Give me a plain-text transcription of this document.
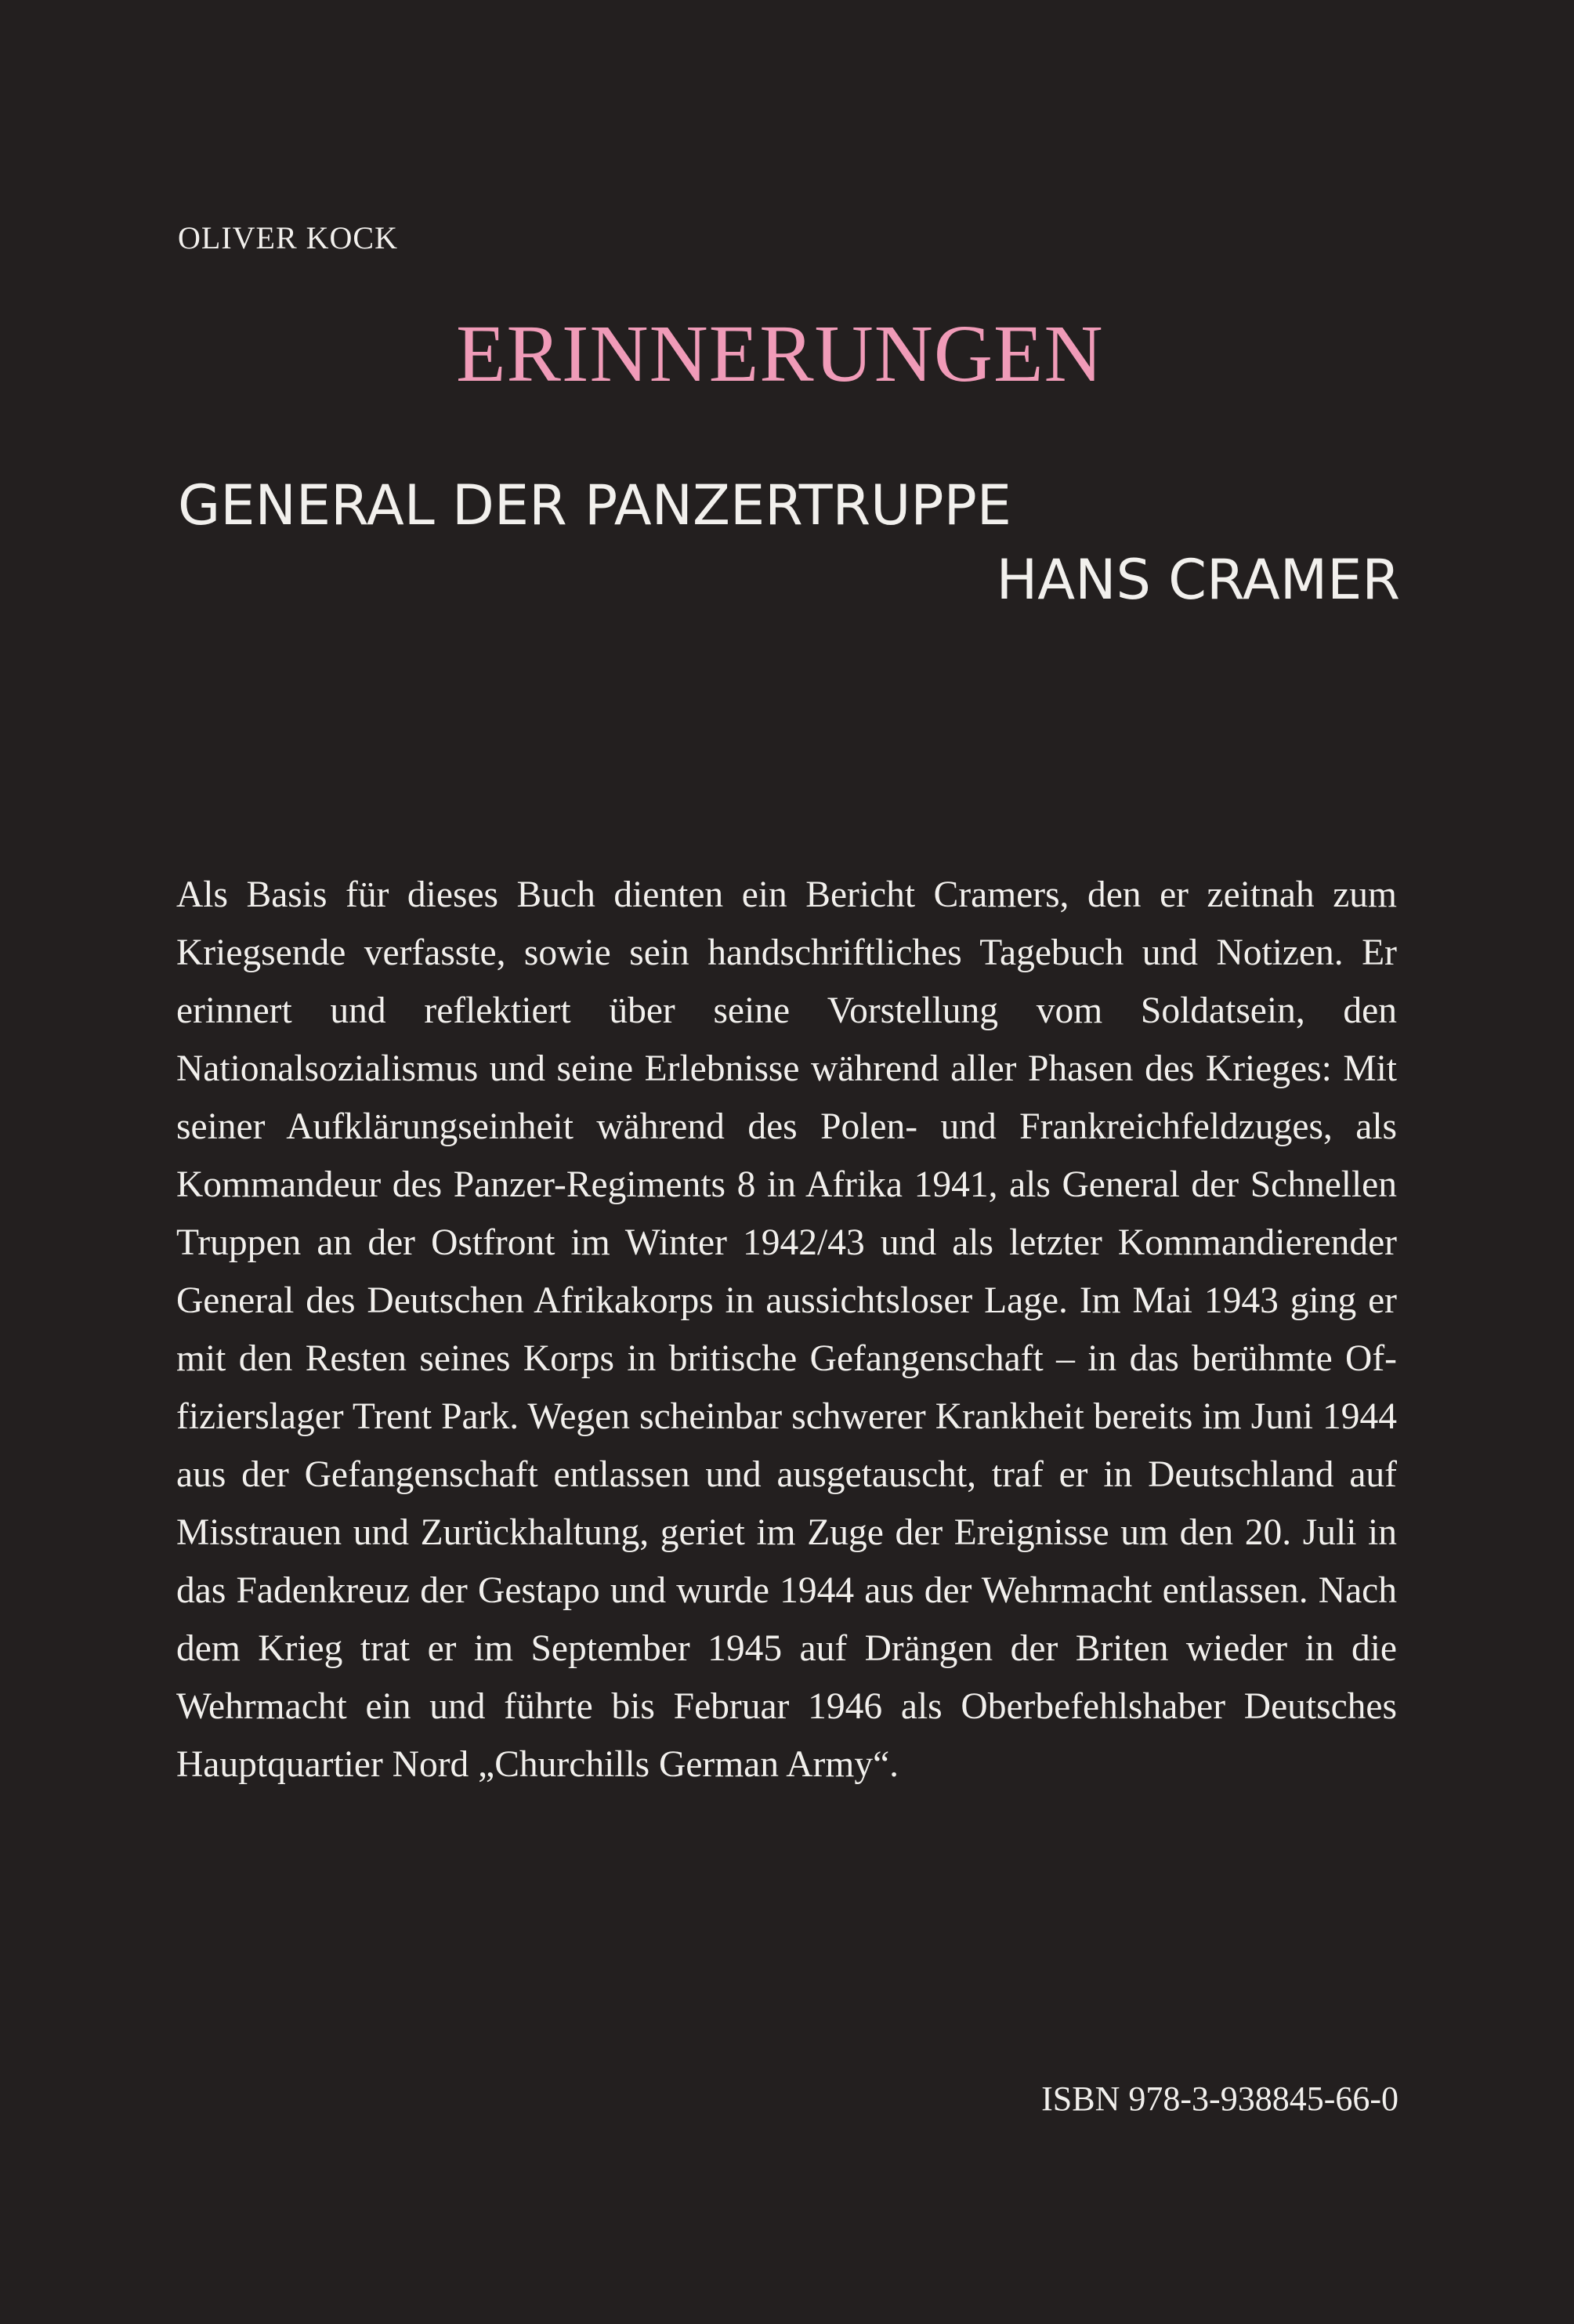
OLIVER KOCK
ERINNERUNGEN
GENERAL DER PANZERTRUPPE
HANS CRAMER
Als Basis für dieses Buch dienten ein Bericht Cramers, den er zeitnah zum Kriegsende verfasste, sowie sein handschriftliches Tagebuch und Notizen. Er erinnert und reflektiert über seine Vorstellung vom Soldatsein, den Nationalsozialismus und seine Erlebnisse während aller Phasen des Krieges: Mit seiner Aufklärungseinheit während des Polen- und Frankreichfeldzuges, als Kommandeur des Panzer-Regiments 8 in Afrika 1941, als General der Schnellen Truppen an der Ostfront im Winter 1942/43 und als letzter Kommandierender General des Deutschen Afrikakorps in aussichtsloser Lage. Im Mai 1943 ging er mit den Resten seines Korps in britische Gefangenschaft – in das berühmte Offizierslager Trent Park. Wegen scheinbar schwerer Krankheit bereits im Juni 1944 aus der Gefangenschaft entlassen und ausgetauscht, traf er in Deutschland auf Misstrauen und Zurückhaltung, geriet im Zuge der Ereignisse um den 20. Juli in das Fadenkreuz der Gestapo und wurde 1944 aus der Wehrmacht entlassen. Nach dem Krieg trat er im September 1945 auf Drängen der Briten wieder in die Wehrmacht ein und führte bis Februar 1946 als Oberbefehlshaber Deutsches Hauptquartier Nord „Churchills German Army“.
ISBN 978-3-938845-66-0
